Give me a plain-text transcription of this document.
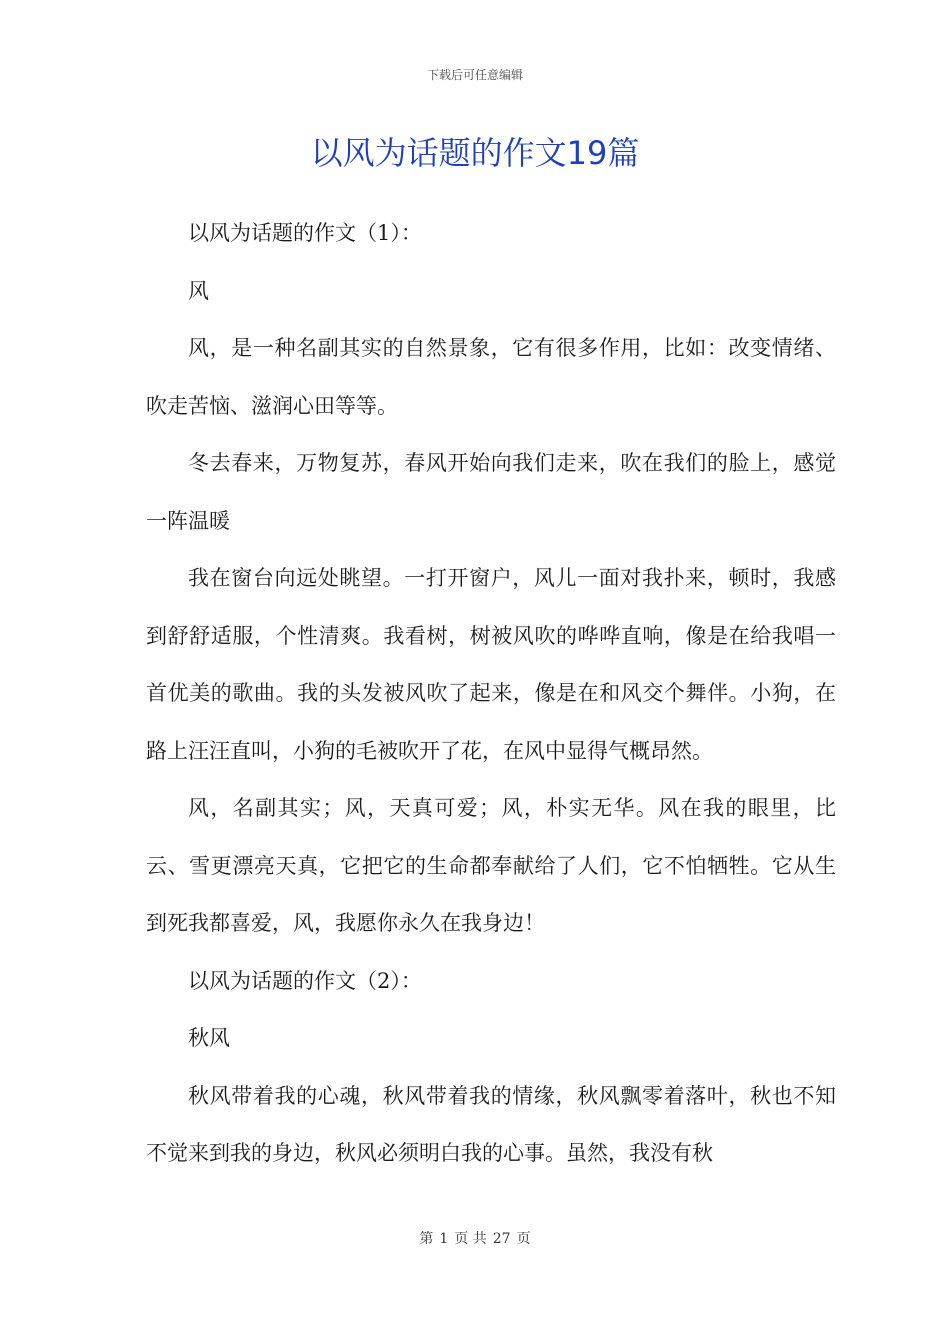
下载后可任意编辑
以风为话题的作文19篇

以风为话题的作文（1）：

风

风，是一种名副其实的自然景象，它有很多作用，比如：改变情绪、吹走苦恼、滋润心田等等。

冬去春来，万物复苏，春风开始向我们走来，吹在我们的脸上，感觉一阵温暖

我在窗台向远处眺望。一打开窗户，风儿一面对我扑来，顿时，我感到舒舒适服，个性清爽。我看树，树被风吹的哗哗直响，像是在给我唱一首优美的歌曲。我的头发被风吹了起来，像是在和风交个舞伴。小狗，在路上汪汪直叫，小狗的毛被吹开了花，在风中显得气概昂然。

风，名副其实；风，天真可爱；风，朴实无华。风在我的眼里，比云、雪更漂亮天真，它把它的生命都奉献给了人们，它不怕牺牲。它从生到死我都喜爱，风，我愿你永久在我身边！

以风为话题的作文（2）：

秋风

秋风带着我的心魂，秋风带着我的情缘，秋风飘零着落叶，秋也不知不觉来到我的身边，秋风必须明白我的心事。虽然，我没有秋

第 1 页 共 27 页
